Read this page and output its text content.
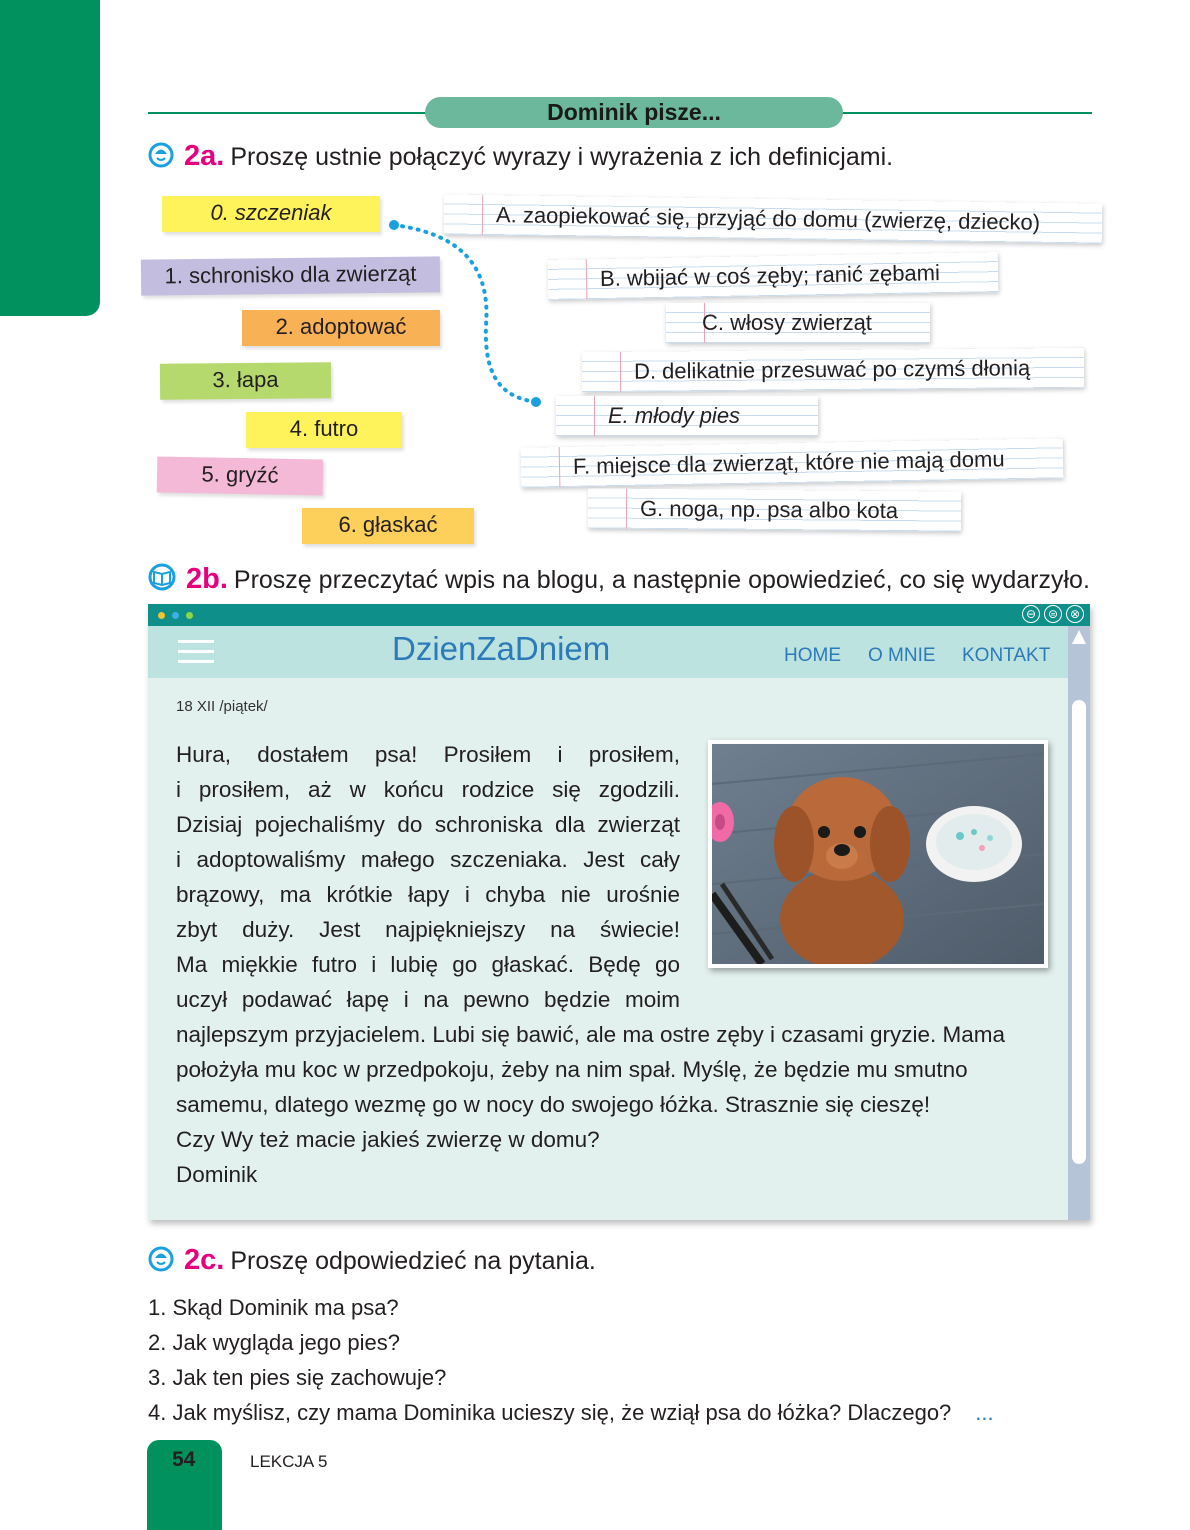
Dominik pisze...
2a. Proszę ustnie połączyć wyrazy i wyrażenia z ich definicjami.
0. szczeniak
1. schronisko dla zwierząt
2. adoptować
3. łapa
4. futro
5. gryźć
6. głaskać
A. zaopiekować się, przyjąć do domu (zwierzę, dziecko)
B. wbijać w coś zęby; ranić zębami
C. włosy zwierząt
D. delikatnie przesuwać po czymś dłonią
E. młody pies
F. miejsce dla zwierząt, które nie mają domu
G. noga, np. psa albo kota
2b. Proszę przeczytać wpis na blogu, a następnie opowiedzieć, co się wydarzyło.
⊖ ⊜ ⊗
DzienZaDniem	HOME O MNIE KONTAKT
18 XII /piątek/

Hura, dostałem psa! Prosiłem i prosiłem,

i prosiłem, aż w końcu rodzice się zgodzili.

Dzisiaj pojechaliśmy do schroniska dla zwierząt

i adoptowaliśmy małego szczeniaka. Jest cały

brązowy, ma krótkie łapy i chyba nie urośnie

zbyt duży. Jest najpiękniejszy na świecie!

Ma miękkie futro i lubię go głaskać. Będę go

uczył podawać łapę i na pewno będzie moim

najlepszym przyjacielem. Lubi się bawić, ale ma ostre zęby i czasami gryzie. Mama

położyła mu koc w przedpokoju, żeby na nim spał. Myślę, że będzie mu smutno

samemu, dlatego wezmę go w nocy do swojego łóżka. Strasznie się cieszę!

Czy Wy też macie jakieś zwierzę w domu?

Dominik

2c. Proszę odpowiedzieć na pytania.
1. Skąd Dominik ma psa?
2. Jak wygląda jego pies?
3. Jak ten pies się zachowuje?
4. Jak myślisz, czy mama Dominika ucieszy się, że wziął psa do łóżka? Dlaczego? ...
54	LEKCJA 5
